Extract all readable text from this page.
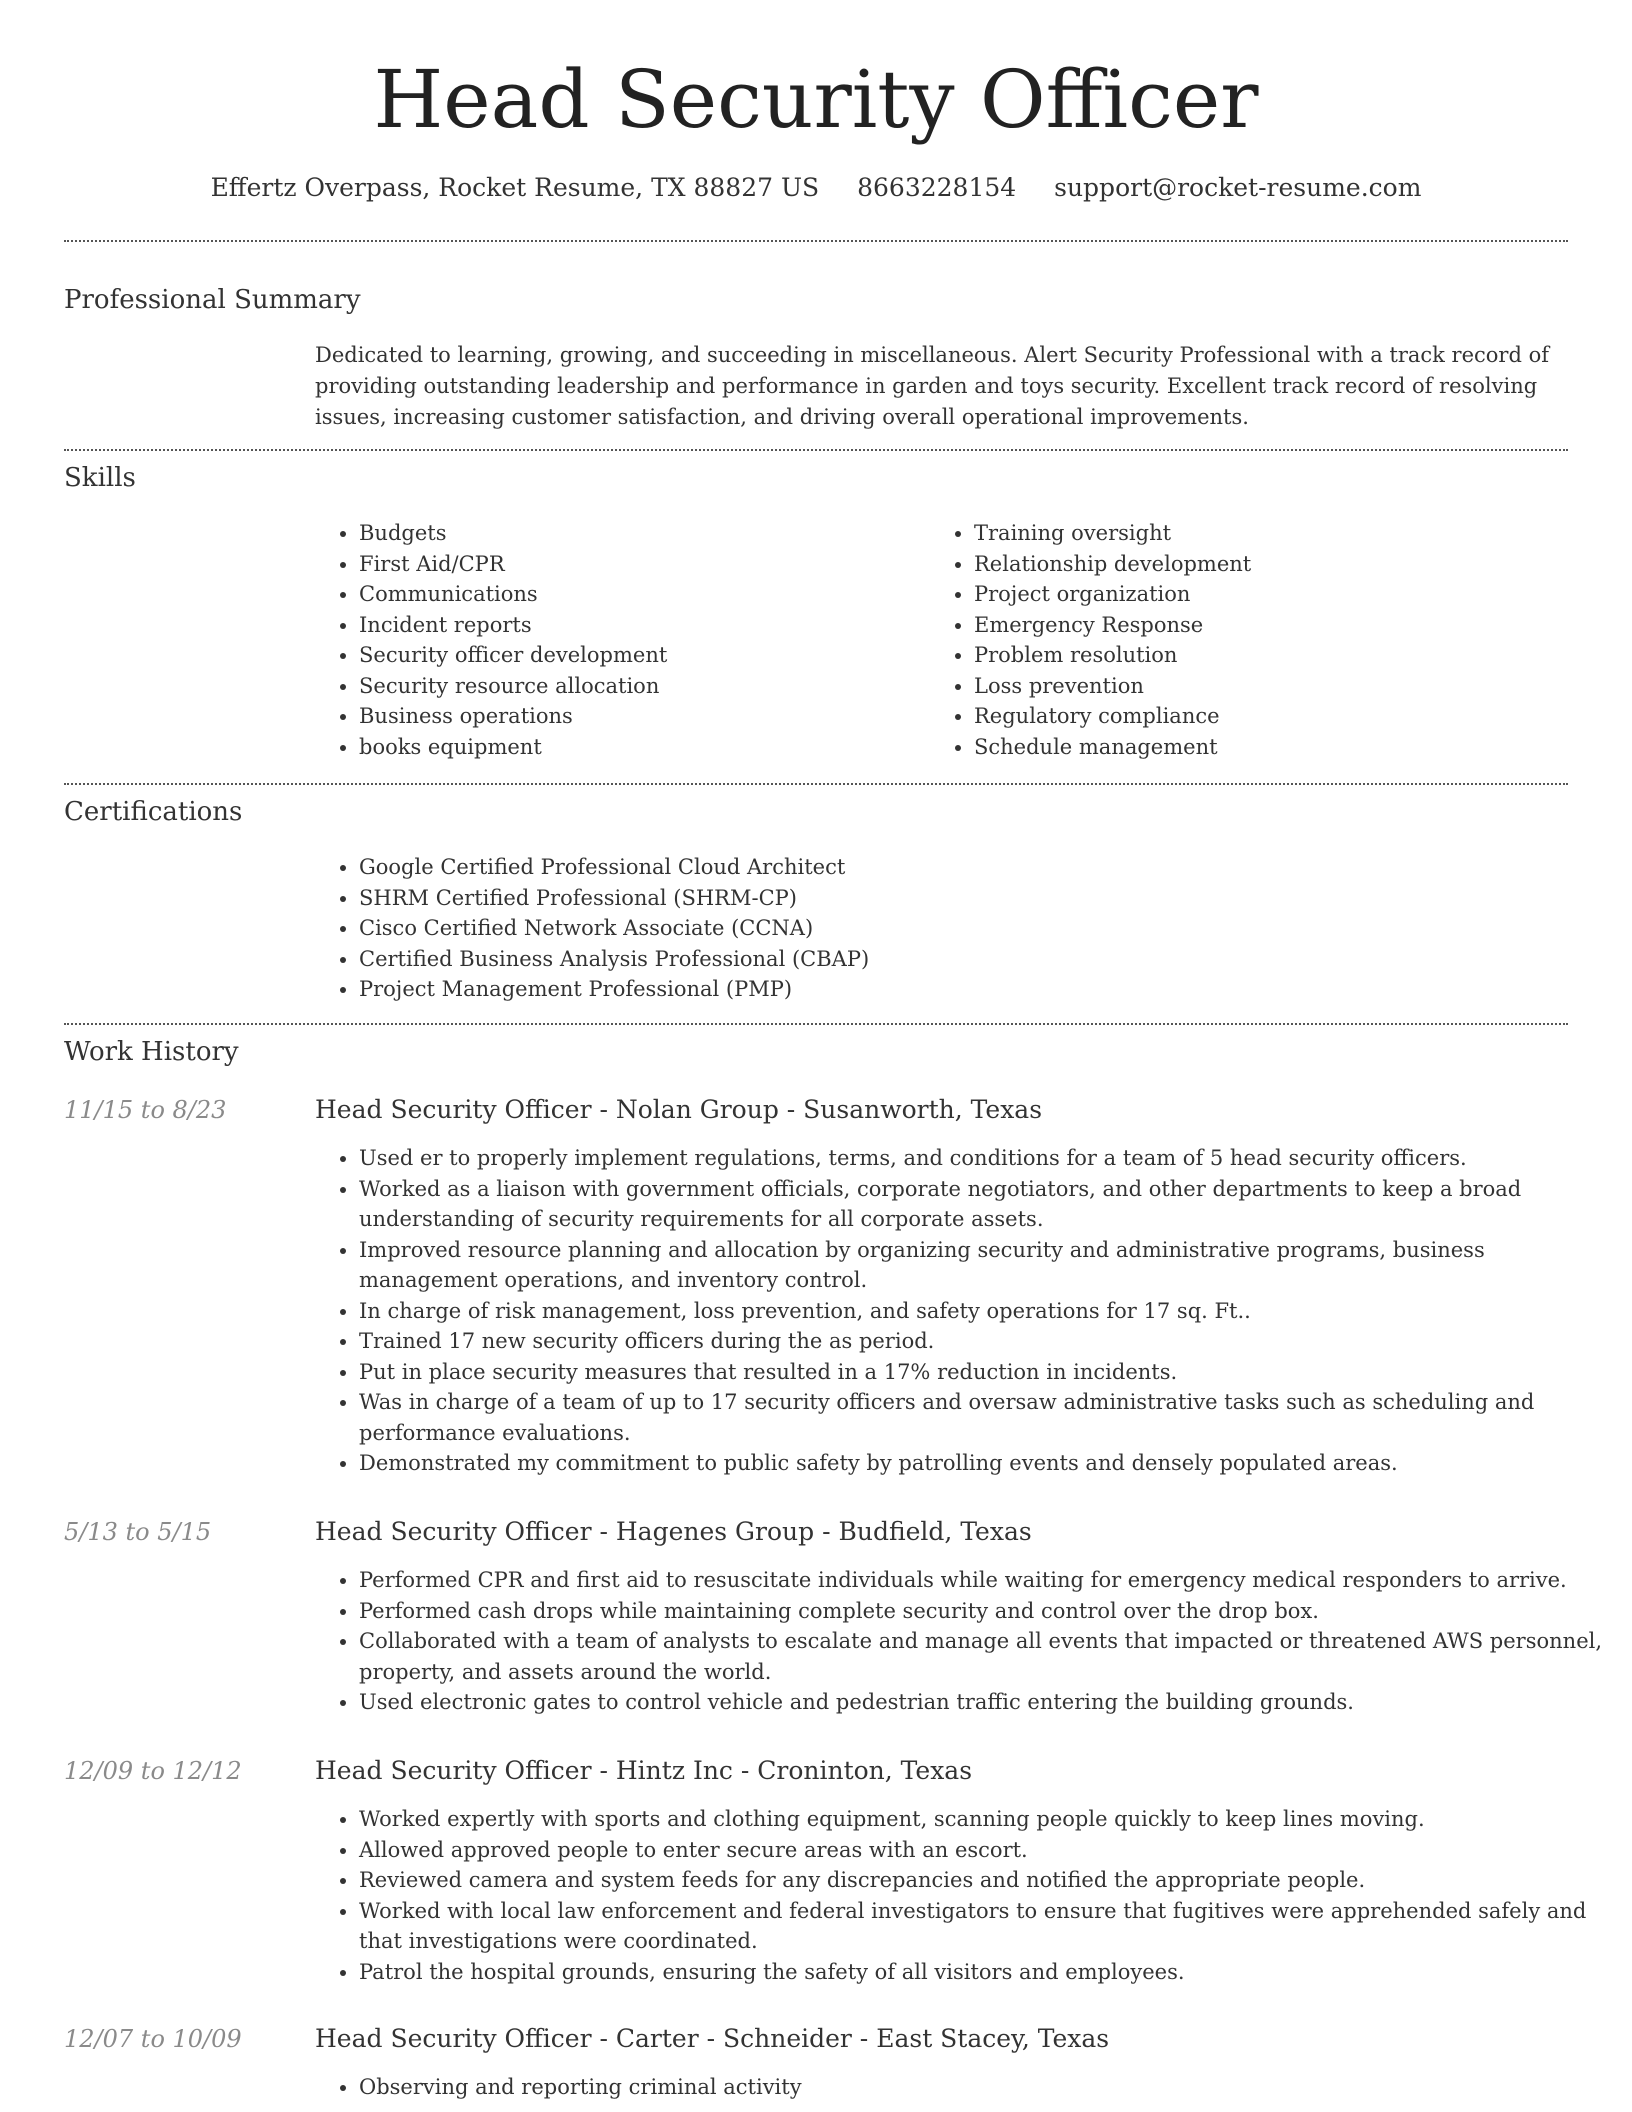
Head Security Officer
Effertz Overpass, Rocket Resume, TX 88827 US 8663228154 support@rocket-resume.com
Professional Summary

Dedicated to learning, growing, and succeeding in miscellaneous. Alert Security Professional with a track record of providing outstanding leadership and performance in garden and toys security. Excellent track record of resolving issues, increasing customer satisfaction, and driving overall operational improvements.

Skills
• Budgets
• First Aid/CPR
• Communications
• Incident reports
• Security officer development
• Security resource allocation
• Business operations
• books equipment
• Training oversight
• Relationship development
• Project organization
• Emergency Response
• Problem resolution
• Loss prevention
• Regulatory compliance
• Schedule management
Certifications
• Google Certified Professional Cloud Architect
• SHRM Certified Professional (SHRM-CP)
• Cisco Certified Network Associate (CCNA)
• Certified Business Analysis Professional (CBAP)
• Project Management Professional (PMP)
Work History
11/15 to 8/23	Head Security Officer - Nolan Group - Susanworth, Texas
• Used er to properly implement regulations, terms, and conditions for a team of 5 head security officers.
• Worked as a liaison with government officials, corporate negotiators, and other departments to keep a broad understanding of security requirements for all corporate assets.
• Improved resource planning and allocation by organizing security and administrative programs, business management operations, and inventory control.
• In charge of risk management, loss prevention, and safety operations for 17 sq. Ft..
• Trained 17 new security officers during the as period.
• Put in place security measures that resulted in a 17% reduction in incidents.
• Was in charge of a team of up to 17 security officers and oversaw administrative tasks such as scheduling and performance evaluations.
• Demonstrated my commitment to public safety by patrolling events and densely populated areas.
5/13 to 5/15	Head Security Officer - Hagenes Group - Budfield, Texas
• Performed CPR and first aid to resuscitate individuals while waiting for emergency medical responders to arrive.
• Performed cash drops while maintaining complete security and control over the drop box.
• Collaborated with a team of analysts to escalate and manage all events that impacted or threatened AWS personnel, property, and assets around the world.
• Used electronic gates to control vehicle and pedestrian traffic entering the building grounds.
12/09 to 12/12	Head Security Officer - Hintz Inc - Croninton, Texas
• Worked expertly with sports and clothing equipment, scanning people quickly to keep lines moving.
• Allowed approved people to enter secure areas with an escort.
• Reviewed camera and system feeds for any discrepancies and notified the appropriate people.
• Worked with local law enforcement and federal investigators to ensure that fugitives were apprehended safely and that investigations were coordinated.
• Patrol the hospital grounds, ensuring the safety of all visitors and employees.
12/07 to 10/09	Head Security Officer - Carter - Schneider - East Stacey, Texas
• Observing and reporting criminal activity
